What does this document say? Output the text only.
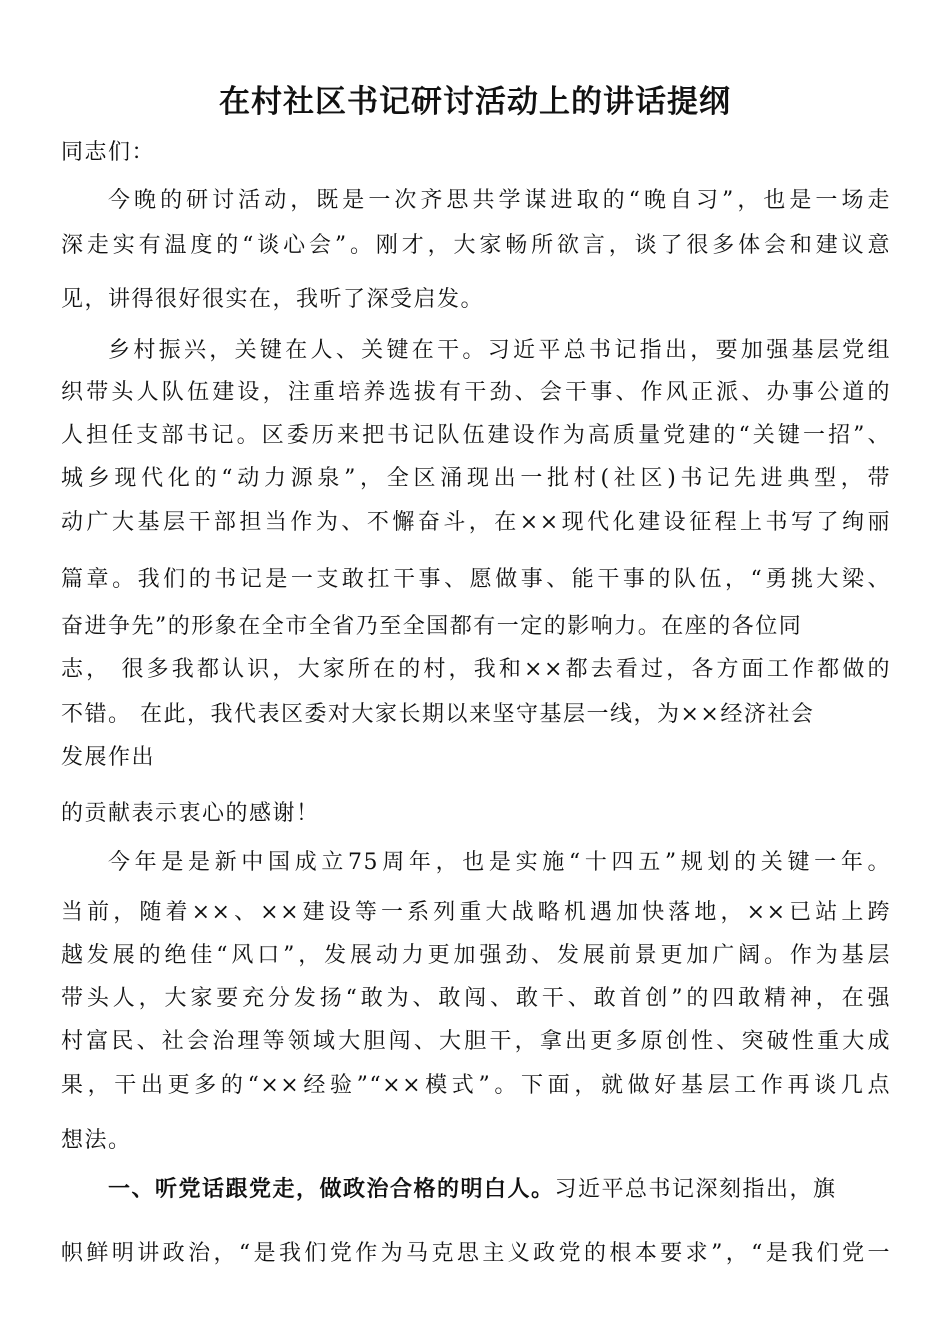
在村社区书记研讨活动上的讲话提纲

同志们：

今晚的研讨活动，既是一次齐思共学谋进取的“晚自习”，也是一场走

深走实有温度的“谈心会”。刚才，大家畅所欲言，谈了很多体会和建议意

见，讲得很好很实在，我听了深受启发。

乡村振兴，关键在人、关键在干。习近平总书记指出，要加强基层党组

织带头人队伍建设，注重培养选拔有干劲、会干事、作风正派、办事公道的

人担任支部书记。区委历来把书记队伍建设作为高质量党建的“关键一招”、

城乡现代化的“动力源泉”，全区涌现出一批村(社区)书记先进典型，带

动广大基层干部担当作为、不懈奋斗，在××现代化建设征程上书写了绚丽

篇章。我们的书记是一支敢扛干事、愿做事、能干事的队伍，“勇挑大梁、

奋进争先”的形象在全市全省乃至全国都有一定的影响力。在座的各位同

志， 很多我都认识，大家所在的村，我和××都去看过，各方面工作都做的

不错。 在此，我代表区委对大家长期以来坚守基层一线，为××经济社会

发展作出

的贡献表示衷心的感谢！

今年是是新中国成立75周年，也是实施“十四五”规划的关键一年。

当前，随着××、××建设等一系列重大战略机遇加快落地，××已站上跨

越发展的绝佳“风口”，发展动力更加强劲、发展前景更加广阔。作为基层

带头人，大家要充分发扬“敢为、敢闯、敢干、敢首创”的四敢精神，在强

村富民、社会治理等领域大胆闯、大胆干，拿出更多原创性、突破性重大成

果，干出更多的“××经验”“××模式”。下面，就做好基层工作再谈几点

想法。

一、听党话跟党走，做政治合格的明白人。习近平总书记深刻指出，旗

帜鲜明讲政治，“是我们党作为马克思主义政党的根本要求”，“是我们党一
